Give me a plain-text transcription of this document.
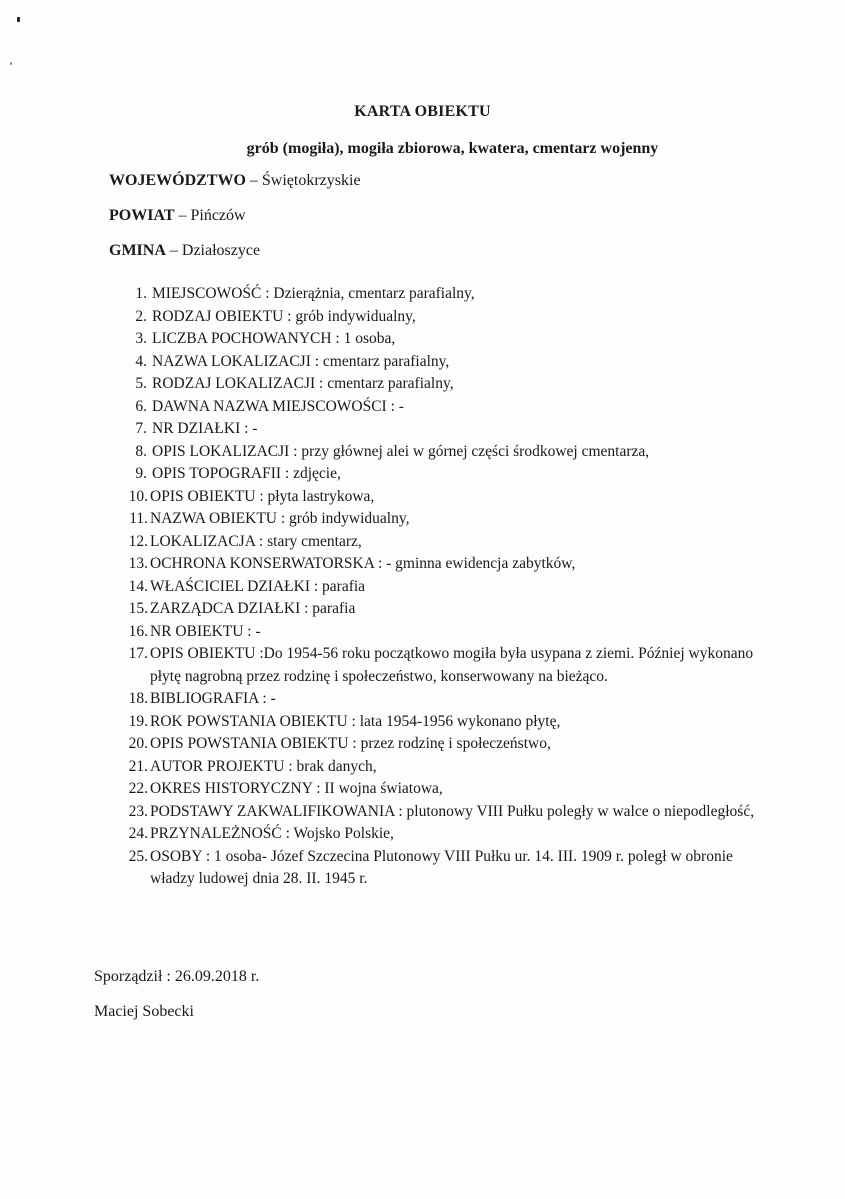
KARTA OBIEKTU
grób (mogiła), mogiła zbiorowa, kwatera, cmentarz wojenny
WOJEWÓDZTWO – Świętokrzyskie
POWIAT – Pińczów
GMINA – Działoszyce
1. MIEJSCOWOŚĆ : Dzierążnia, cmentarz parafialny,
2. RODZAJ OBIEKTU : grób indywidualny,
3. LICZBA POCHOWANYCH : 1 osoba,
4. NAZWA LOKALIZACJI : cmentarz parafialny,
5. RODZAJ LOKALIZACJI : cmentarz parafialny,
6. DAWNA NAZWA MIEJSCOWOŚCI : -
7. NR DZIAŁKI : -
8. OPIS LOKALIZACJI : przy głównej alei w górnej części środkowej cmentarza,
9. OPIS TOPOGRAFII : zdjęcie,
10. OPIS OBIEKTU : płyta lastrykowa,
11. NAZWA OBIEKTU : grób indywidualny,
12. LOKALIZACJA : stary cmentarz,
13. OCHRONA KONSERWATORSKA : - gminna ewidencja zabytków,
14. WŁAŚCICIEL DZIAŁKI : parafia
15. ZARZĄDCA DZIAŁKI : parafia
16. NR OBIEKTU : -
17. OPIS OBIEKTU :Do 1954-56 roku początkowo mogiła była usypana z ziemi. Później wykonano płytę nagrobną przez rodzinę i społeczeństwo, konserwowany na bieżąco.
18. BIBLIOGRAFIA : -
19. ROK POWSTANIA OBIEKTU : lata 1954-1956 wykonano płytę,
20. OPIS POWSTANIA OBIEKTU : przez rodzinę i społeczeństwo,
21. AUTOR PROJEKTU : brak danych,
22. OKRES HISTORYCZNY : II wojna światowa,
23. PODSTAWY ZAKWALIFIKOWANIA : plutonowy VIII Pułku poległy w walce o niepodległość,
24. PRZYNALEŻNOŚĆ : Wojsko Polskie,
25. OSOBY : 1 osoba- Józef Szczecina Plutonowy VIII Pułku ur. 14. III. 1909 r. poległ w obronie władzy ludowej dnia 28. II. 1945 r.
Sporządził : 26.09.2018 r.
Maciej Sobecki
